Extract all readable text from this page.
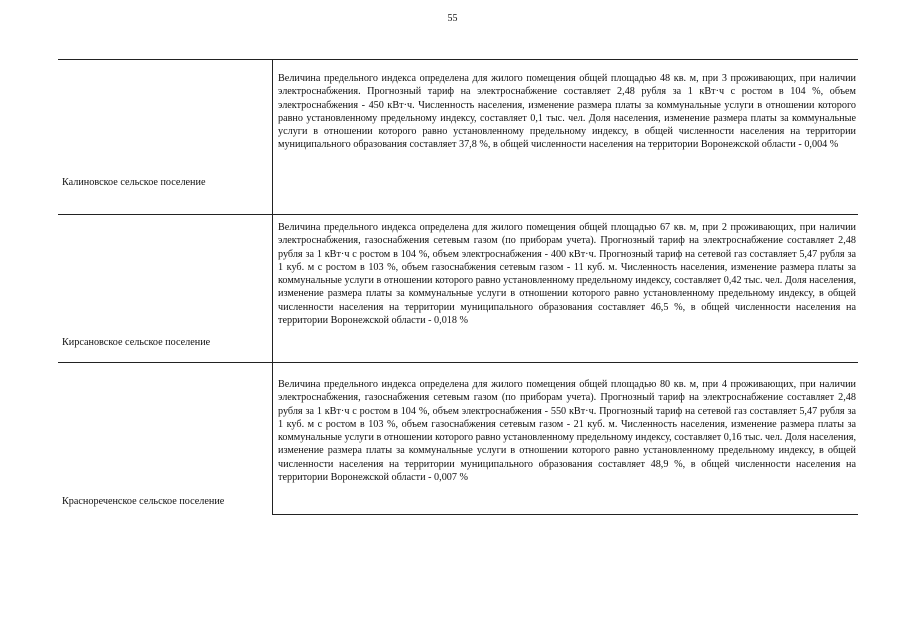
55
Калиновское сельское поселение
Величина предельного индекса определена для жилого помещения общей площадью 48 кв. м, при 3 проживающих, при наличии электроснабжения. Прогнозный тариф на электроснабжение составляет 2,48 рубля за 1 кВт·ч с ростом в 104 %, объем электроснабжения - 450 кВт·ч. Численность населения, изменение размера платы за коммунальные услуги в отношении которого равно установленному предельному индексу, составляет 0,1 тыс. чел. Доля населения, изменение размера платы за коммунальные услуги в отношении которого равно установленному предельному индексу, в общей численности населения на территории муниципального образования составляет 37,8 %, в общей численности населения на территории Воронежской области - 0,004 %
Кирсановское сельское поселение
Величина предельного индекса определена для жилого помещения общей площадью 67 кв. м, при 2 проживающих, при наличии электроснабжения, газоснабжения сетевым газом (по приборам учета). Прогнозный тариф на электроснабжение составляет 2,48 рубля за 1 кВт·ч с ростом в 104 %, объем электроснабжения - 400 кВт·ч. Прогнозный тариф на сетевой газ составляет 5,47 рубля за 1 куб. м с ростом в 103 %, объем газоснабжения сетевым газом - 11 куб. м. Численность населения, изменение размера платы за коммунальные услуги в отношении которого равно установленному предельному индексу, составляет 0,42 тыс. чел. Доля населения, изменение размера платы за коммунальные услуги в отношении которого равно установленному предельному индексу, в общей численности населения на территории муниципального образования составляет 46,5 %, в общей численности населения на территории Воронежской области - 0,018 %
Краснореченское сельское поселение
Величина предельного индекса определена для жилого помещения общей площадью 80 кв. м, при 4 проживающих, при наличии электроснабжения, газоснабжения сетевым газом (по приборам учета). Прогнозный тариф на электроснабжение составляет 2,48 рубля за 1 кВт·ч с ростом в 104 %, объем электроснабжения - 550 кВт·ч. Прогнозный тариф на сетевой газ составляет 5,47 рубля за 1 куб. м с ростом в 103 %, объем газоснабжения сетевым газом - 21 куб. м. Численность населения, изменение размера платы за коммунальные услуги в отношении которого равно установленному предельному индексу, составляет 0,16 тыс. чел. Доля населения, изменение размера платы за коммунальные услуги в отношении которого равно установленному предельному индексу, в общей численности населения на территории муниципального образования составляет 48,9 %, в общей численности населения на территории Воронежской области - 0,007 %
